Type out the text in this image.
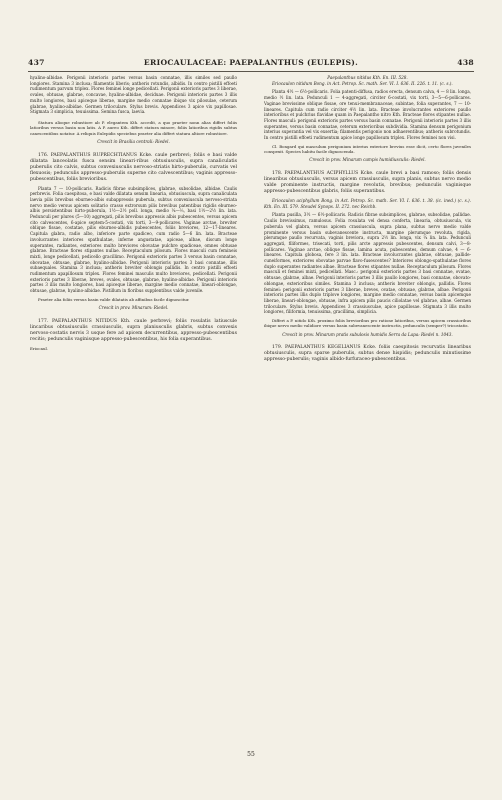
437	ERIOCAULACEAE: PAEPALANTHUS (EULEPIS).	438

hyalino-albidae. Perigonii interioris partes versus basin connatae, illis similes sed paullo longiores. Stamina 3 inclusa; filamentis liberis; antheris rotundis, albidis. In centro pistilli effoeti rudimentum parvum triplex. Flores feminei longe pedicellati. Perigonii exterioris partes 3 liberae, ovales, obtusae, glabrae, concavae, hyalino-albidae, deciduae. Perigonii interioris partes 3 illis multo longiores, basi apiceque liberae, margine medio connatae ibique vix pilosulae, ceterum glabrae, hyalino-albidae. Germen triloculare. Stylus brevis. Appendices 3 apice vix papillosae. Stigmata 3 simplicia, teuuissima. Semina fusca, laevia.

Statura alioque robustiore ab P. elegantem Kth. accedit, a quo praeter nonn alias differt foliis latioribus versus basin non latis. A P. aureo Kth. differt statura minore, foliis latioribus rigidis subtus canescentibus notatur. A reliquis Eulepidis speciebus praeter alia differt statura altiore robustiore.

Crescit in Brasilia centrali: Riedel.

176. PAEPALANTHUS RUPRECHTIANUS Kcke. caule perbrevi; foliis e basi valde dilatata lanceolatis fusca sensim lineari-ribus obtusiusculis, supra canaliculatis puberulis cito calvis, subtus convexiusculis nervoso-striatis hirto-puberulis, curvatis vel flexuosis; pedunculis appresso-puberulis superne cito calvescentibus; vaginis appresso-pubescentibus, foliis brevioribus.

Planta 7 — 10-pollicaris. Radicis fibrae subsimplices, glabrae, subsolidae, albidae. Caulis perbrevis. Folia caespitosa, e basi valde dilatata sensim linearia, obtusiuscula, supra canaliculata laevia pilis brevibus eburneo-albis subappressis puberula, subtus convexiuscula nervoso-striata nervo medio versus apicem solitario crasso extrorsum pilis brevibus patentibus rigidis eburneo-albis persistentibus hirto-puberula, 1½—2½ poll. longa, medio ¼—⅔, basi 1½—2½ lin. lata. Pedunculi per plures (5—10) aggregati, pilis brevibus appressis albis pubescentes, versus apicem cito calvescentes, 6-apice septem-5-costati, vix torti, 3—9-pollicares. Vaginae arctae, breviter oblique fissae, costatae, pilis eburneo-albidis pubescentes, foliis breviores, 12—17-lineares. Capitula glabra, radio albo, inferiore parte spadiceo, cum radio 5—6 lin. lata. Bracteae involucrantes interiores spathulatae, inferne angustatae, apiceae, albae, discum longe superantes, radiantes, exteriores multo breviores obovatae pulchre spadiceae, omnes obtusae glabrae. Bracteae flores stipantes nullae. Receptaculum pilosum. Flores masculi cum femineis mixti, longe pedicellati, pedicello gracillimo. Perigonii exterioris partes 3 versus basin connatae, obovatae, obtusae, glabrae, hyalino-albidae. Perigonii interioris partes 3 basi connatae, illis subaequales. Stamina 3 inclusa; antheris breviter oblongis pallidis. In centro pistilli effoeti rudimentum apapillosum triplex. Flores feminei masculis multo breviores, pedicellati. Perigonii exterioris partes 3 liberae, breves, ovales, obtusae, glabrae, hyalino-albidae. Perigonii interioris partes 3 illis multo longiores, basi apiceque liberae, margine medio connatae, lineari-oblongae, obtusae, glabrae, hyalino-albidae. Pistillum in floribus supplentibus valde juvenile.

Praeter alia foliis versus basin valde dilatatis ab affinibus facile dignoscitur.

Crescit in prov. Minarum: Riedel.

177. PAEPALANTHUS NITIDUS Kth. caule perbrevi; foliis rosulatis latiuscule lincaribus obtusiusculis crassiusculis, supra planiusculis glabris, subtus convexis nervoso-costatis nervis 3 usque fere ad apicem decurrentibus, appresso-pubescentibus recitis; pedunculis vaginisque appresso-pubescentibus, his folia superantibus.

Eriocaul.

Paepalanthus nitidus Kth. En. III. 528.

Eriocaulon nitidum Bong. in Act. Petrop. Sc. math. Ser. VI. I. 636. II. 226. t. 11. (c. s.).

Planta 4½ — 6½-pollicaris. Folia patenti-diffusa, radios erecta, densum calva, 4 — 8 lin. longa, medio ½ lin. lata. Pedunculi 1 — 4-aggregati, circiter 6-costati, vix torti, 3—5—6-pollicares. Vaginae brevissime oblique fissae, ore tenui-membranaceae, subintae, folia superantes, 7 — 10-lineares. Capitula cum radio circiter 4½ lin. lata. Bracteae involucrantes exteriores paullo interioribus et pulchrius flavidae quam in Paepalantho nitro Kth. Bracteae flores stipantes nullae. Flores masculi: perigonii exterioris partes versus basin connatae. Perigonii interioris partes 3 illis superantes, versus basin connatae, ceterum exterioribus subdividia. Stamina densum perigonium interius superantia vel vix exsertia; filamentis perigonio non adhaerentibus; antheris subrotundis. In centro pistilli effoeti rudimentum apice longe papillosum triplex. Flores feminei non visi.

Cl. Bongard qui masculum perigonium interius exteriore brevius esse dicit, certo flores juveniles conspexit. Species habitu facile dignoscenda.

Crescit in prov. Minarum campis humidiusculis: Riedel.

178. PAEPALANTHUS ACIPHYLLUS Kcke. caule brevi a basi ramoso; foliis densis linearibus obtusiusculis, versus apicem crassiusculis, supra planis, subtus nervo medio valde prominente instructis, margine revolutis, brevibus; pedunculis vaginisque appresso-pubescentibus glabris, foliis superantibus.

Eriocaulon aciphyllum Bong. in Act. Petrop. Sc. math. Ser. VI. I. 636. t. 38. (ic. ined.) (c. s.). Kth. En. III. 579. Steudel Synops. II. 272. nec Reichb.

Planta pusilla, 3½ — 6½-pollicaris. Radicis fibrae subsimplices, glabrae, subsolidae, pallidae. Caulis brevissimus, ramulosus. Folia rosulata vel densa conferta, linearia, obtusiuscula, vix puberula vel glabra, versus apicem crassiuscula, supra plana, subtus nervo medio valde prominente versus basin subevanescente instructa, margine plerumque revoluta, rigida, plerumque paullo recurvata, vaginis breviora, supra 2½ lin. longa, vix ¼ lin. lata. Pedunculi aggregati, filiformes, trisecati, torti, pilis arcte appressis pubescentes, densum calvi, 3—8-pollicares. Vaginae arctae, oblique fissae, lamina acuta, pubescentes, demum calvae, 4 — 6-lineares. Capitula globosa, fere 3 lin. lata. Bracteae involucrantes glabrae, obtusae, pallide-cuneiformes, exteriores obovatae parvae flavo-fusescentes? Interiores oblongo-spathulatae flores duplo superantes radiantes albae. Bracteae flores stipantes nullae. Receptaculum pilosum. Flores masculi et feminei mixti, pedicellati. Masc.: perigonii exterioris partes 3 basi connatae, ovatae, obtusae, glabrae, albae. Perigonii interioris partes 3 illis paullo longiores, basi connatae, obovato-oblongae, exterioribus similes. Stamina 3 inclusa; antheris breviter oblongis, pallidis. Flores feminei: perigonii exterioris partes 3 liberae, breves, ovatae, obtusae, glabrae, albae. Perigonii interioris partes illis duplo triplove longiores, margine medio connatae, versus basin apicemque liberae, lineari-oblongae, obtusae, infra apicem pilis paucis ciliolatae vel glabrae, albae. Germen triloculare. Stylus brevis. Appendices 3 crassiusculae, apice papillosae. Stigmata 3 illis multo longiores, filiformia, tenuissima, gracillima, simplicia.

Differt a P. nitido Kth. proximo foliis brevioribus pro ratione latioribus, versus apicem crassioribus ibique nervo medio validiore versus basin subevanescente instructis, pedunculis (semper?) tricostatis.

Crescit in prov. Minarum pratis subulosis humidis Serra da Lapa: Riedel n. 1043.

179. PAEPALANTHUS KEGELIANUS Kcke. foliis caespitosis recurvatis linearibus obtusiusculis, supra sparse puberulis, subtus dense hispidis; pedunculis minutissime appresso-puberulis; vaginis albido-furfuraceo-pubescentibus.

55
